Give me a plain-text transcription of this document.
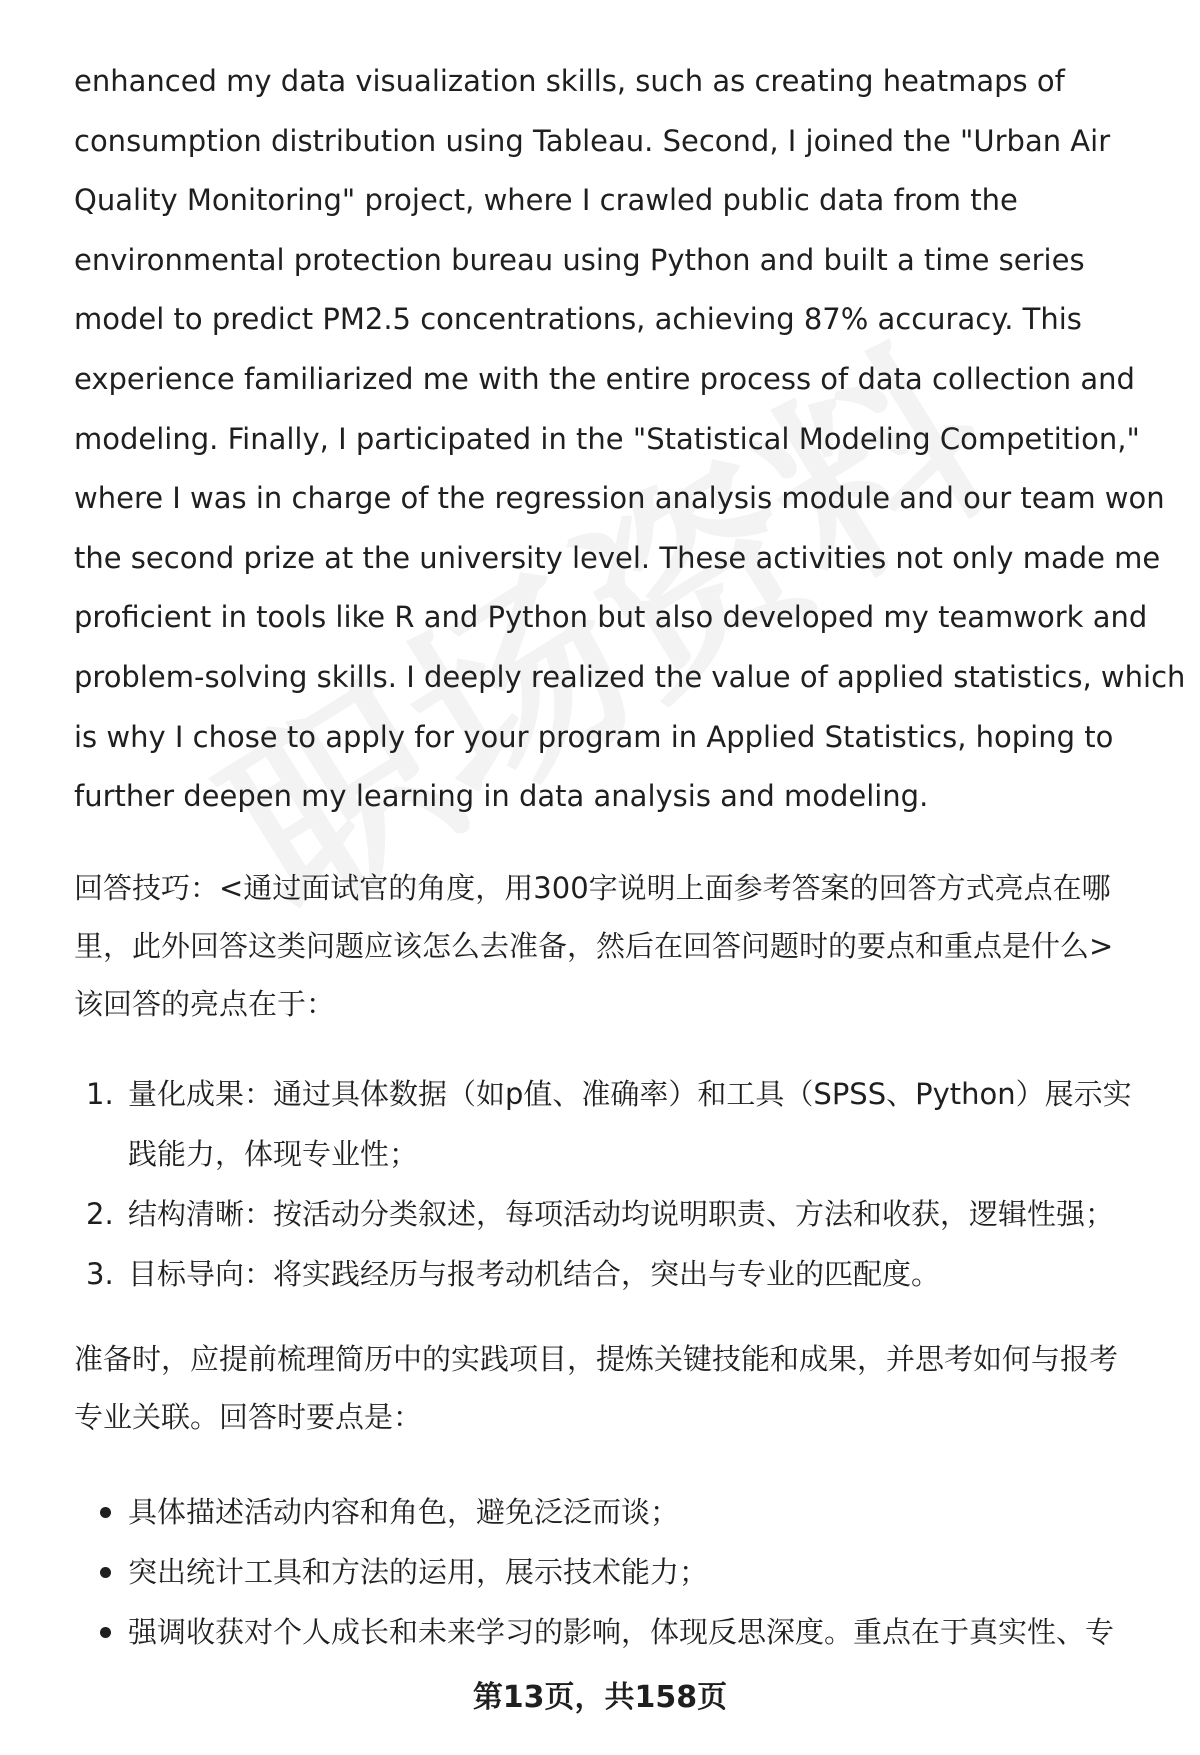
enhanced my data visualization skills, such as creating heatmaps of
consumption distribution using Tableau. Second, I joined the "Urban Air
Quality Monitoring" project, where I crawled public data from the
environmental protection bureau using Python and built a time series
model to predict PM2.5 concentrations, achieving 87% accuracy. This
experience familiarized me with the entire process of data collection and
modeling. Finally, I participated in the "Statistical Modeling Competition,"
where I was in charge of the regression analysis module and our team won
the second prize at the university level. These activities not only made me
proficient in tools like R and Python but also developed my teamwork and
problem-solving skills. I deeply realized the value of applied statistics, which
is why I chose to apply for your program in Applied Statistics, hoping to
further deepen my learning in data analysis and modeling.
回答技巧：<通过面试官的角度，用300字说明上面参考答案的回答方式亮点在哪
里，此外回答这类问题应该怎么去准备，然后在回答问题时的要点和重点是什么>
该回答的亮点在于：
1. 量化成果：通过具体数据（如p值、准确率）和工具（SPSS、Python）展示实
践能力，体现专业性；
2. 结构清晰：按活动分类叙述，每项活动均说明职责、方法和收获，逻辑性强；
3. 目标导向：将实践经历与报考动机结合，突出与专业的匹配度。
准备时，应提前梳理简历中的实践项目，提炼关键技能和成果，并思考如何与报考
专业关联。回答时要点是：
具体描述活动内容和角色，避免泛泛而谈；
突出统计工具和方法的运用，展示技术能力；
强调收获对个人成长和未来学习的影响，体现反思深度。重点在于真实性、专
第13页，共158页
